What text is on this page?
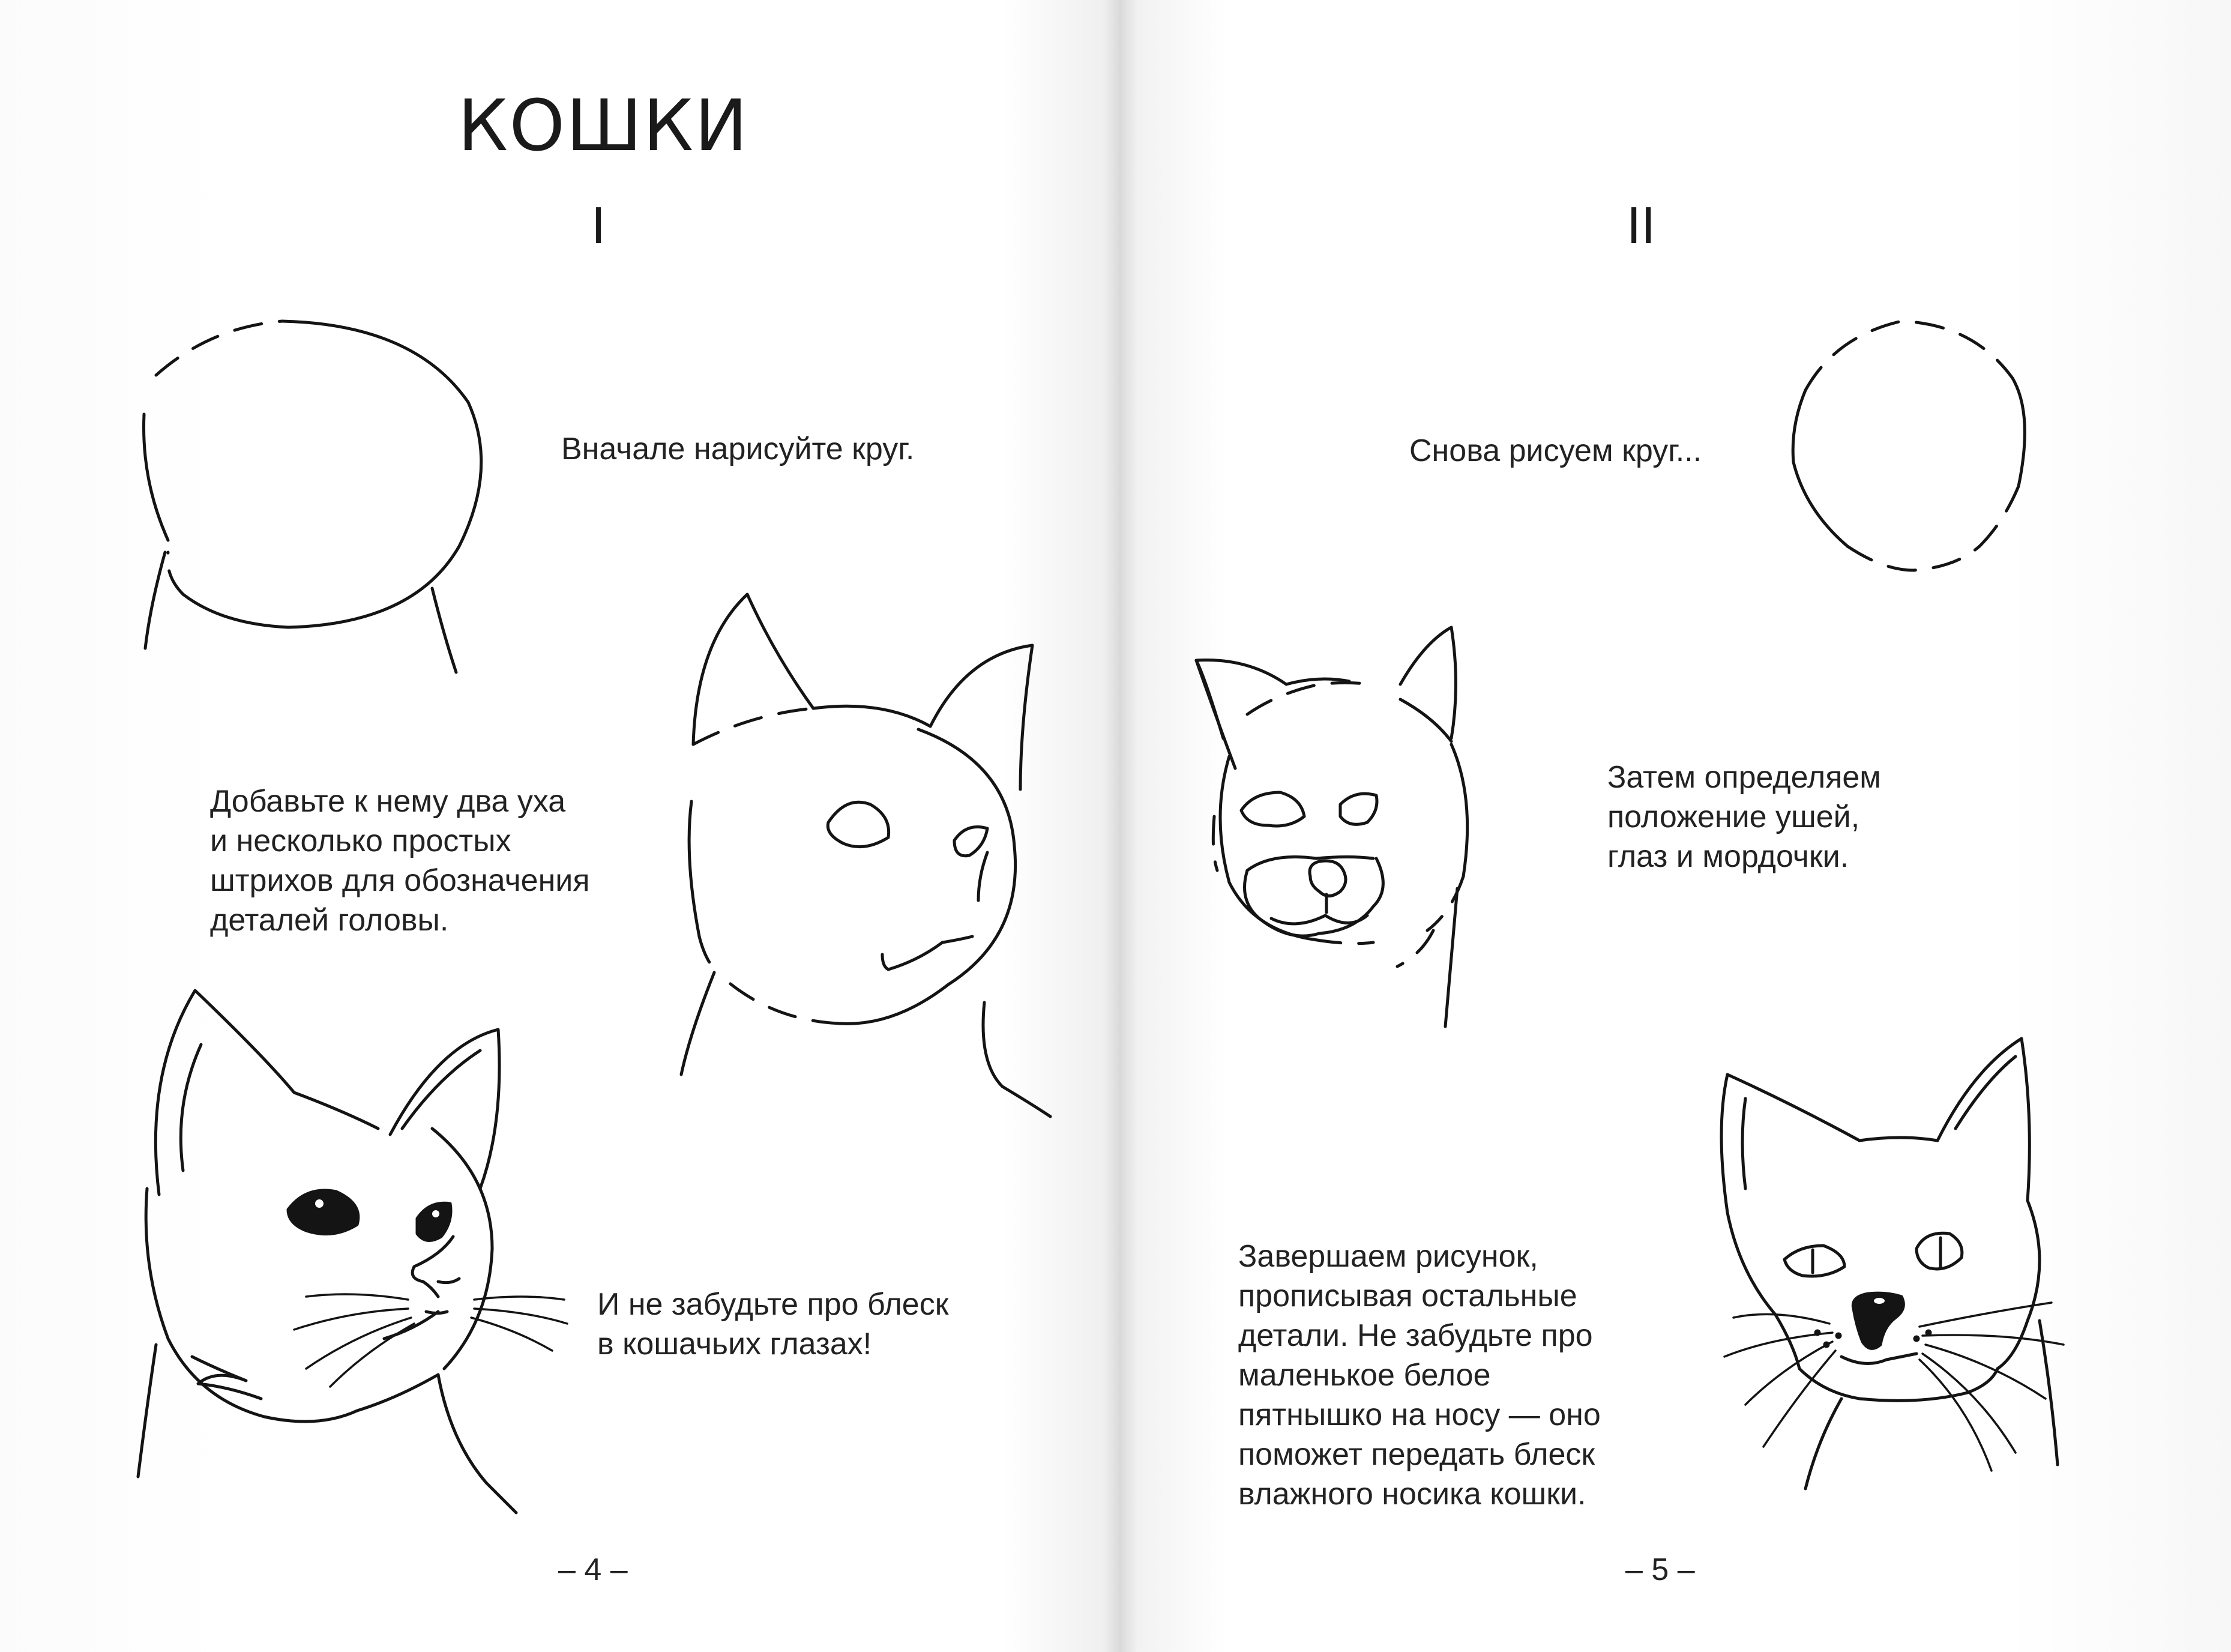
КОШКИ
I

Вначале нарисуйте круг.

Добавьте к нему два уха
и несколько простых
штрихов для обозначения
деталей головы.

И не забудьте про блеск
в кошачьих глазах!

– 4 –

II

Снова рисуем круг...

Затем определяем
положение ушей,
глаз и мордочки.

Завершаем рисунок,
прописывая остальные
детали. Не забудьте про
маленькое белое
пятнышко на носу — оно
поможет передать блеск
влажного носика кошки.

– 5 –
